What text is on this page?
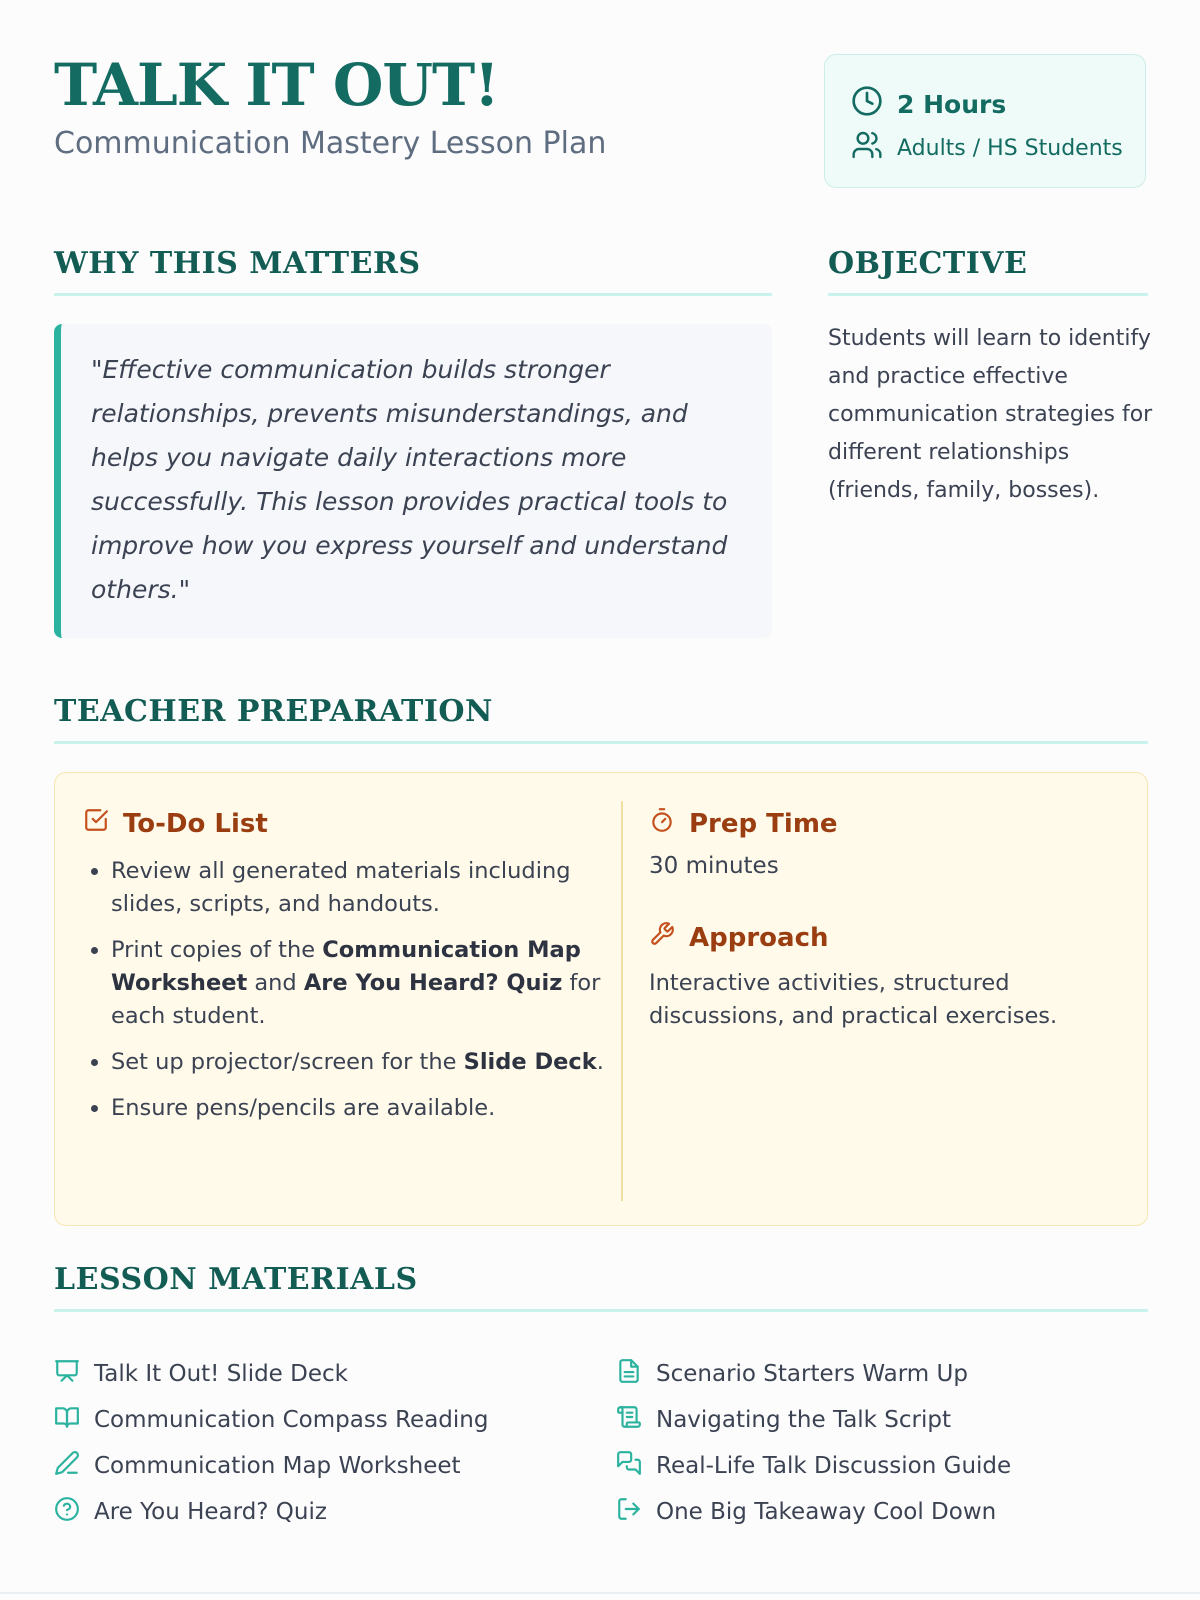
TALK IT OUT!

Communication Mastery Lesson Plan

2 Hours
Adults / HS Students
WHY THIS MATTERS
"Effective communication builds stronger relationships, prevents misunderstandings, and helps you navigate daily interactions more successfully. This lesson provides practical tools to improve how you express yourself and understand others."
OBJECTIVE

Students will learn to identify and practice effective communication strategies for different relationships (friends, family, bosses).

TEACHER PREPARATION
To-Do List
• Review all generated materials including slides, scripts, and handouts.
• Print copies of the Communication Map Worksheet and Are You Heard? Quiz for each student.
• Set up projector/screen for the Slide Deck.
• Ensure pens/pencils are available.
Prep Time
30 minutes
Approach

Interactive activities, structured discussions, and practical exercises.

LESSON MATERIALS
Talk It Out! Slide Deck
Communication Compass Reading
Communication Map Worksheet
Are You Heard? Quiz
Scenario Starters Warm Up
Navigating the Talk Script
Real-Life Talk Discussion Guide
One Big Takeaway Cool Down
